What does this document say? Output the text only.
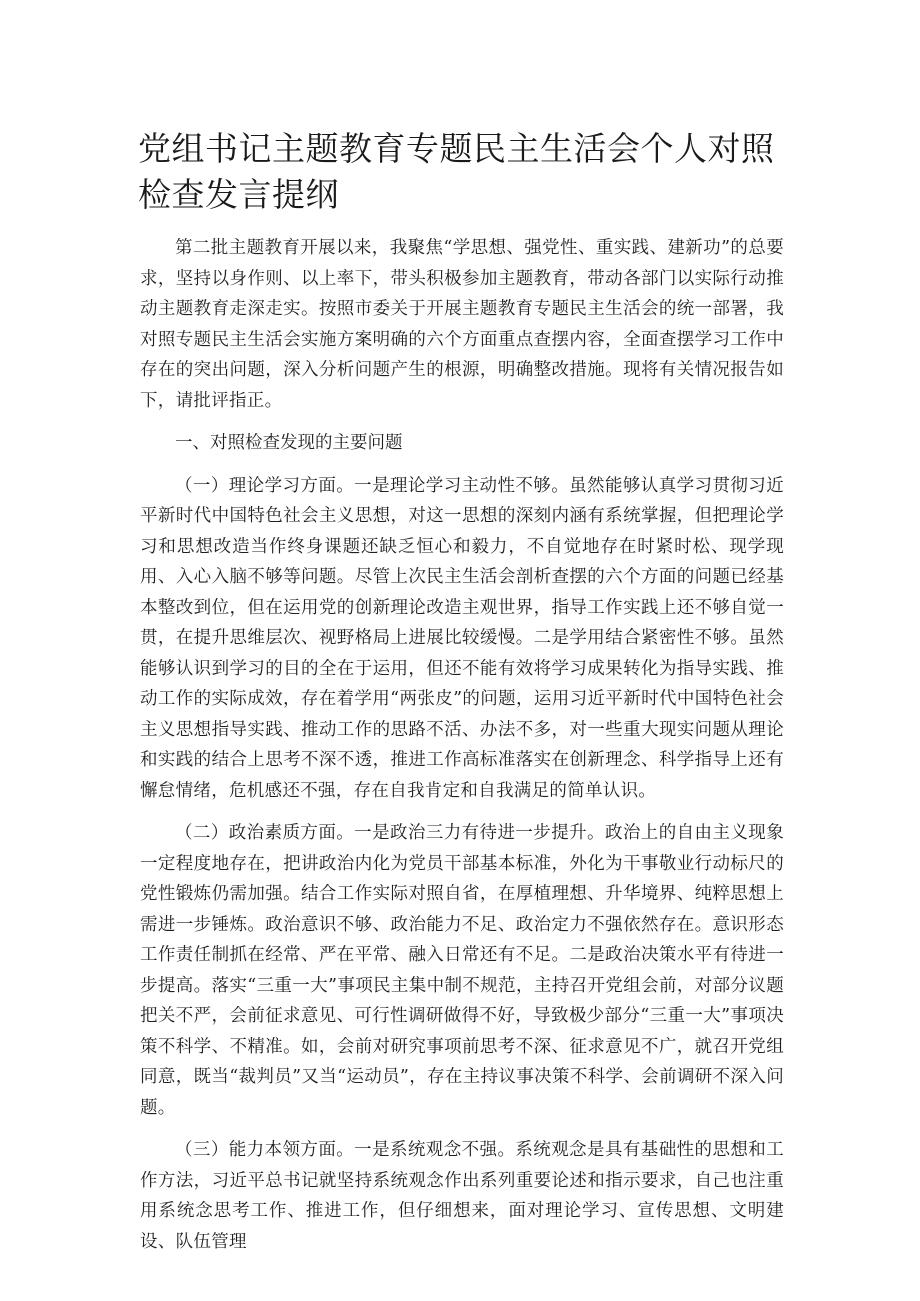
党组书记主题教育专题民主生活会个人对照检查发言提纲

第二批主题教育开展以来，我聚焦“学思想、强党性、重实践、建新功”的总要求，坚持以身作则、以上率下，带头积极参加主题教育，带动各部门以实际行动推动主题教育走深走实。按照市委关于开展主题教育专题民主生活会的统一部署，我对照专题民主生活会实施方案明确的六个方面重点查摆内容，全面查摆学习工作中存在的突出问题，深入分析问题产生的根源，明确整改措施。现将有关情况报告如下，请批评指正。

一、对照检查发现的主要问题

（一）理论学习方面。一是理论学习主动性不够。虽然能够认真学习贯彻习近平新时代中国特色社会主义思想，对这一思想的深刻内涵有系统掌握，但把理论学习和思想改造当作终身课题还缺乏恒心和毅力，不自觉地存在时紧时松、现学现用、入心入脑不够等问题。尽管上次民主生活会剖析查摆的六个方面的问题已经基本整改到位，但在运用党的创新理论改造主观世界，指导工作实践上还不够自觉一贯，在提升思维层次、视野格局上进展比较缓慢。二是学用结合紧密性不够。虽然能够认识到学习的目的全在于运用，但还不能有效将学习成果转化为指导实践、推动工作的实际成效，存在着学用“两张皮”的问题，运用习近平新时代中国特色社会主义思想指导实践、推动工作的思路不活、办法不多，对一些重大现实问题从理论和实践的结合上思考不深不透，推进工作高标准落实在创新理念、科学指导上还有懈怠情绪，危机感还不强，存在自我肯定和自我满足的简单认识。

（二）政治素质方面。一是政治三力有待进一步提升。政治上的自由主义现象一定程度地存在，把讲政治内化为党员干部基本标准，外化为干事敬业行动标尺的党性锻炼仍需加强。结合工作实际对照自省，在厚植理想、升华境界、纯粹思想上需进一步锤炼。政治意识不够、政治能力不足、政治定力不强依然存在。意识形态工作责任制抓在经常、严在平常、融入日常还有不足。二是政治决策水平有待进一步提高。落实“三重一大”事项民主集中制不规范，主持召开党组会前，对部分议题把关不严，会前征求意见、可行性调研做得不好，导致极少部分“三重一大”事项决策不科学、不精准。如，会前对研究事项前思考不深、征求意见不广，就召开党组同意，既当“裁判员”又当“运动员”，存在主持议事决策不科学、会前调研不深入问题。

（三）能力本领方面。一是系统观念不强。系统观念是具有基础性的思想和工作方法，习近平总书记就坚持系统观念作出系列重要论述和指示要求，自己也注重用系统念思考工作、推进工作，但仔细想来，面对理论学习、宣传思想、文明建设、队伍管理
